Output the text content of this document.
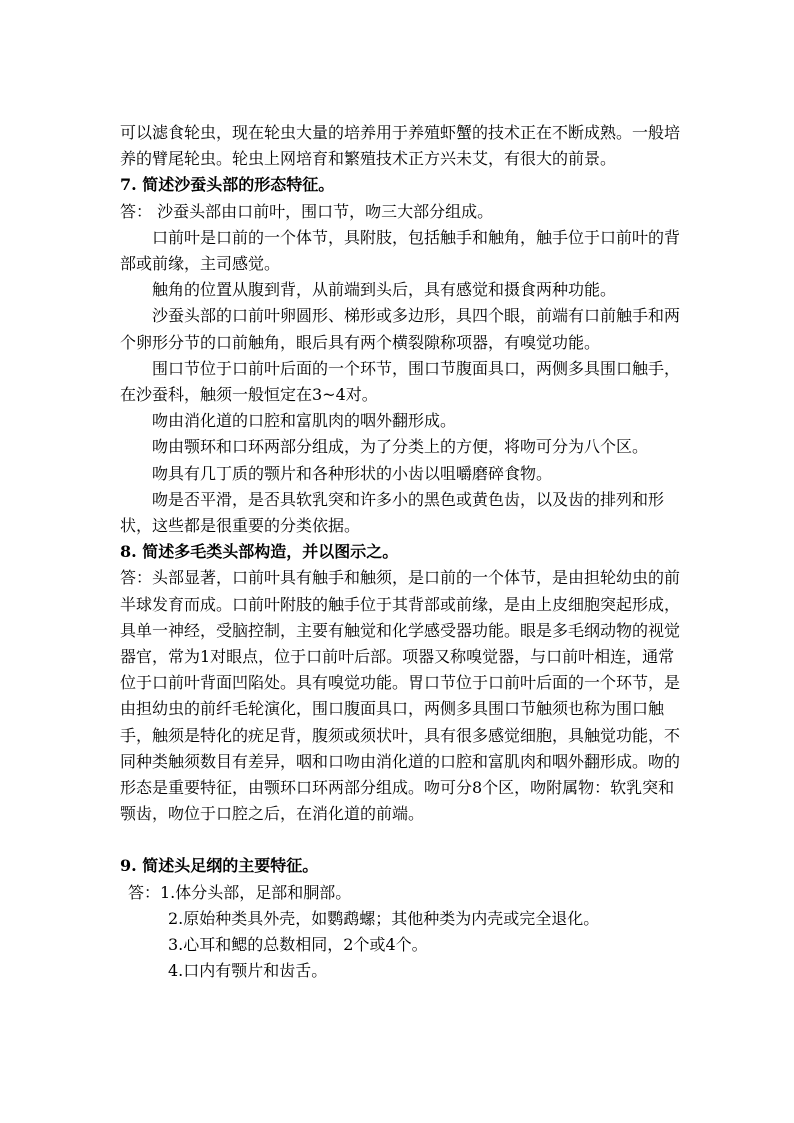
可以滤食轮虫，现在轮虫大量的培养用于养殖虾蟹的技术正在不断成熟。一般培养的臂尾轮虫。轮虫上网培育和繁殖技术正方兴未艾，有很大的前景。

7. 简述沙蚕头部的形态特征。

答： 沙蚕头部由口前叶，围口节，吻三大部分组成。

口前叶是口前的一个体节，具附肢，包括触手和触角，触手位于口前叶的背部或前缘，主司感觉。

触角的位置从腹到背，从前端到头后，具有感觉和摄食两种功能。

沙蚕头部的口前叶卵圆形、梯形或多边形，具四个眼，前端有口前触手和两个卵形分节的口前触角，眼后具有两个横裂隙称项器，有嗅觉功能。

围口节位于口前叶后面的一个环节，围口节腹面具口，两侧多具围口触手，在沙蚕科，触须一般恒定在3~4对。

吻由消化道的口腔和富肌肉的咽外翻形成。

吻由颚环和口环两部分组成，为了分类上的方便，将吻可分为八个区。

吻具有几丁质的颚片和各种形状的小齿以咀嚼磨碎食物。

吻是否平滑，是否具软乳突和许多小的黑色或黄色齿，以及齿的排列和形状，这些都是很重要的分类依据。

8. 简述多毛类头部构造，并以图示之。

答：头部显著，口前叶具有触手和触须，是口前的一个体节，是由担轮幼虫的前半球发育而成。口前叶附肢的触手位于其背部或前缘，是由上皮细胞突起形成，具单一神经，受脑控制，主要有触觉和化学感受器功能。眼是多毛纲动物的视觉器官，常为1对眼点，位于口前叶后部。项器又称嗅觉器，与口前叶相连，通常位于口前叶背面凹陷处。具有嗅觉功能。胃口节位于口前叶后面的一个环节，是由担幼虫的前纤毛轮演化，围口腹面具口，两侧多具围口节触须也称为围口触手，触须是特化的疣足背，腹须或须状叶，具有很多感觉细胞，具触觉功能，不同种类触须数目有差异，咽和口吻由消化道的口腔和富肌肉和咽外翻形成。吻的形态是重要特征，由颚环口环两部分组成。吻可分8个区，吻附属物：软乳突和颚齿，吻位于口腔之后，在消化道的前端。

9. 简述头足纲的主要特征。

答：1.体分头部，足部和胴部。

2.原始种类具外壳，如鹦鹉螺；其他种类为内壳或完全退化。

3.心耳和鳃的总数相同，2个或4个。

4.口内有颚片和齿舌。
